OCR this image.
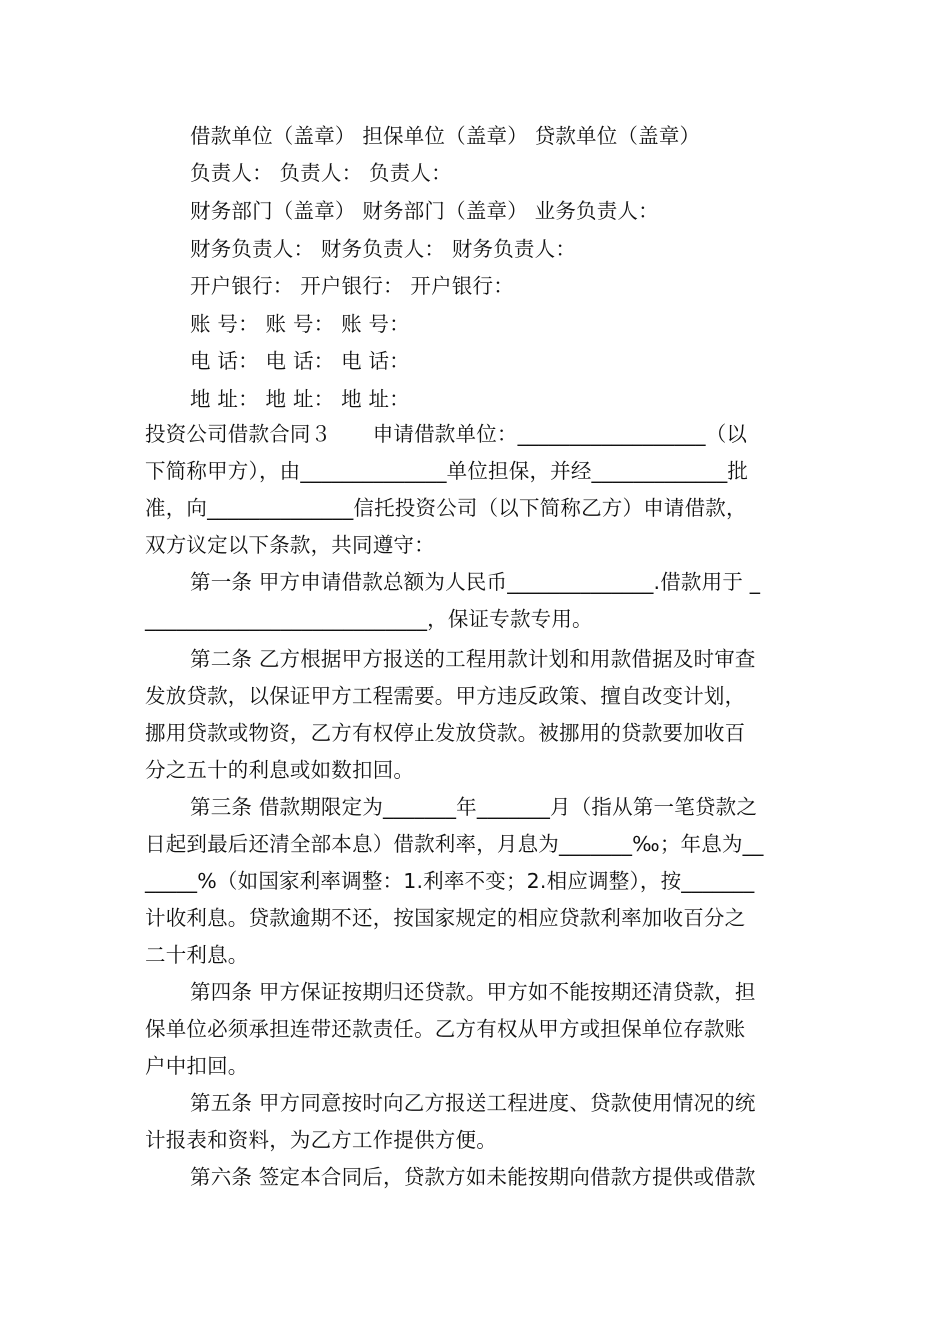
借款单位（盖章） 担保单位（盖章） 贷款单位（盖章）
负责人： 负责人： 负责人：
财务部门（盖章） 财务部门（盖章） 业务负责人：
财务负责人： 财务负责人： 财务负责人：
开户银行： 开户银行： 开户银行：
账 号： 账 号： 账 号：
电 话： 电 话： 电 话：
地 址： 地 址： 地 址：
投资公司借款合同３　　申请借款单位：__________________（以
下简称甲方），由______________单位担保，并经_____________批
准，向______________信托投资公司（以下简称乙方）申请借款，
双方议定以下条款，共同遵守：
第一条 甲方申请借款总额为人民币______________.借款用于 _
___________________________，保证专款专用。
第二条 乙方根据甲方报送的工程用款计划和用款借据及时审查
发放贷款，以保证甲方工程需要。甲方违反政策、擅自改变计划，
挪用贷款或物资，乙方有权停止发放贷款。被挪用的贷款要加收百
分之五十的利息或如数扣回。
第三条 借款期限定为_______年_______月（指从第一笔贷款之
日起到最后还清全部本息）借款利率，月息为_______‰；年息为__
_____%（如国家利率调整：1.利率不变；2.相应调整），按_______
计收利息。贷款逾期不还，按国家规定的相应贷款利率加收百分之
二十利息。
第四条 甲方保证按期归还贷款。甲方如不能按期还清贷款，担
保单位必须承担连带还款责任。乙方有权从甲方或担保单位存款账
户中扣回。
第五条 甲方同意按时向乙方报送工程进度、贷款使用情况的统
计报表和资料，为乙方工作提供方便。
第六条 签定本合同后，贷款方如未能按期向借款方提供或借款
